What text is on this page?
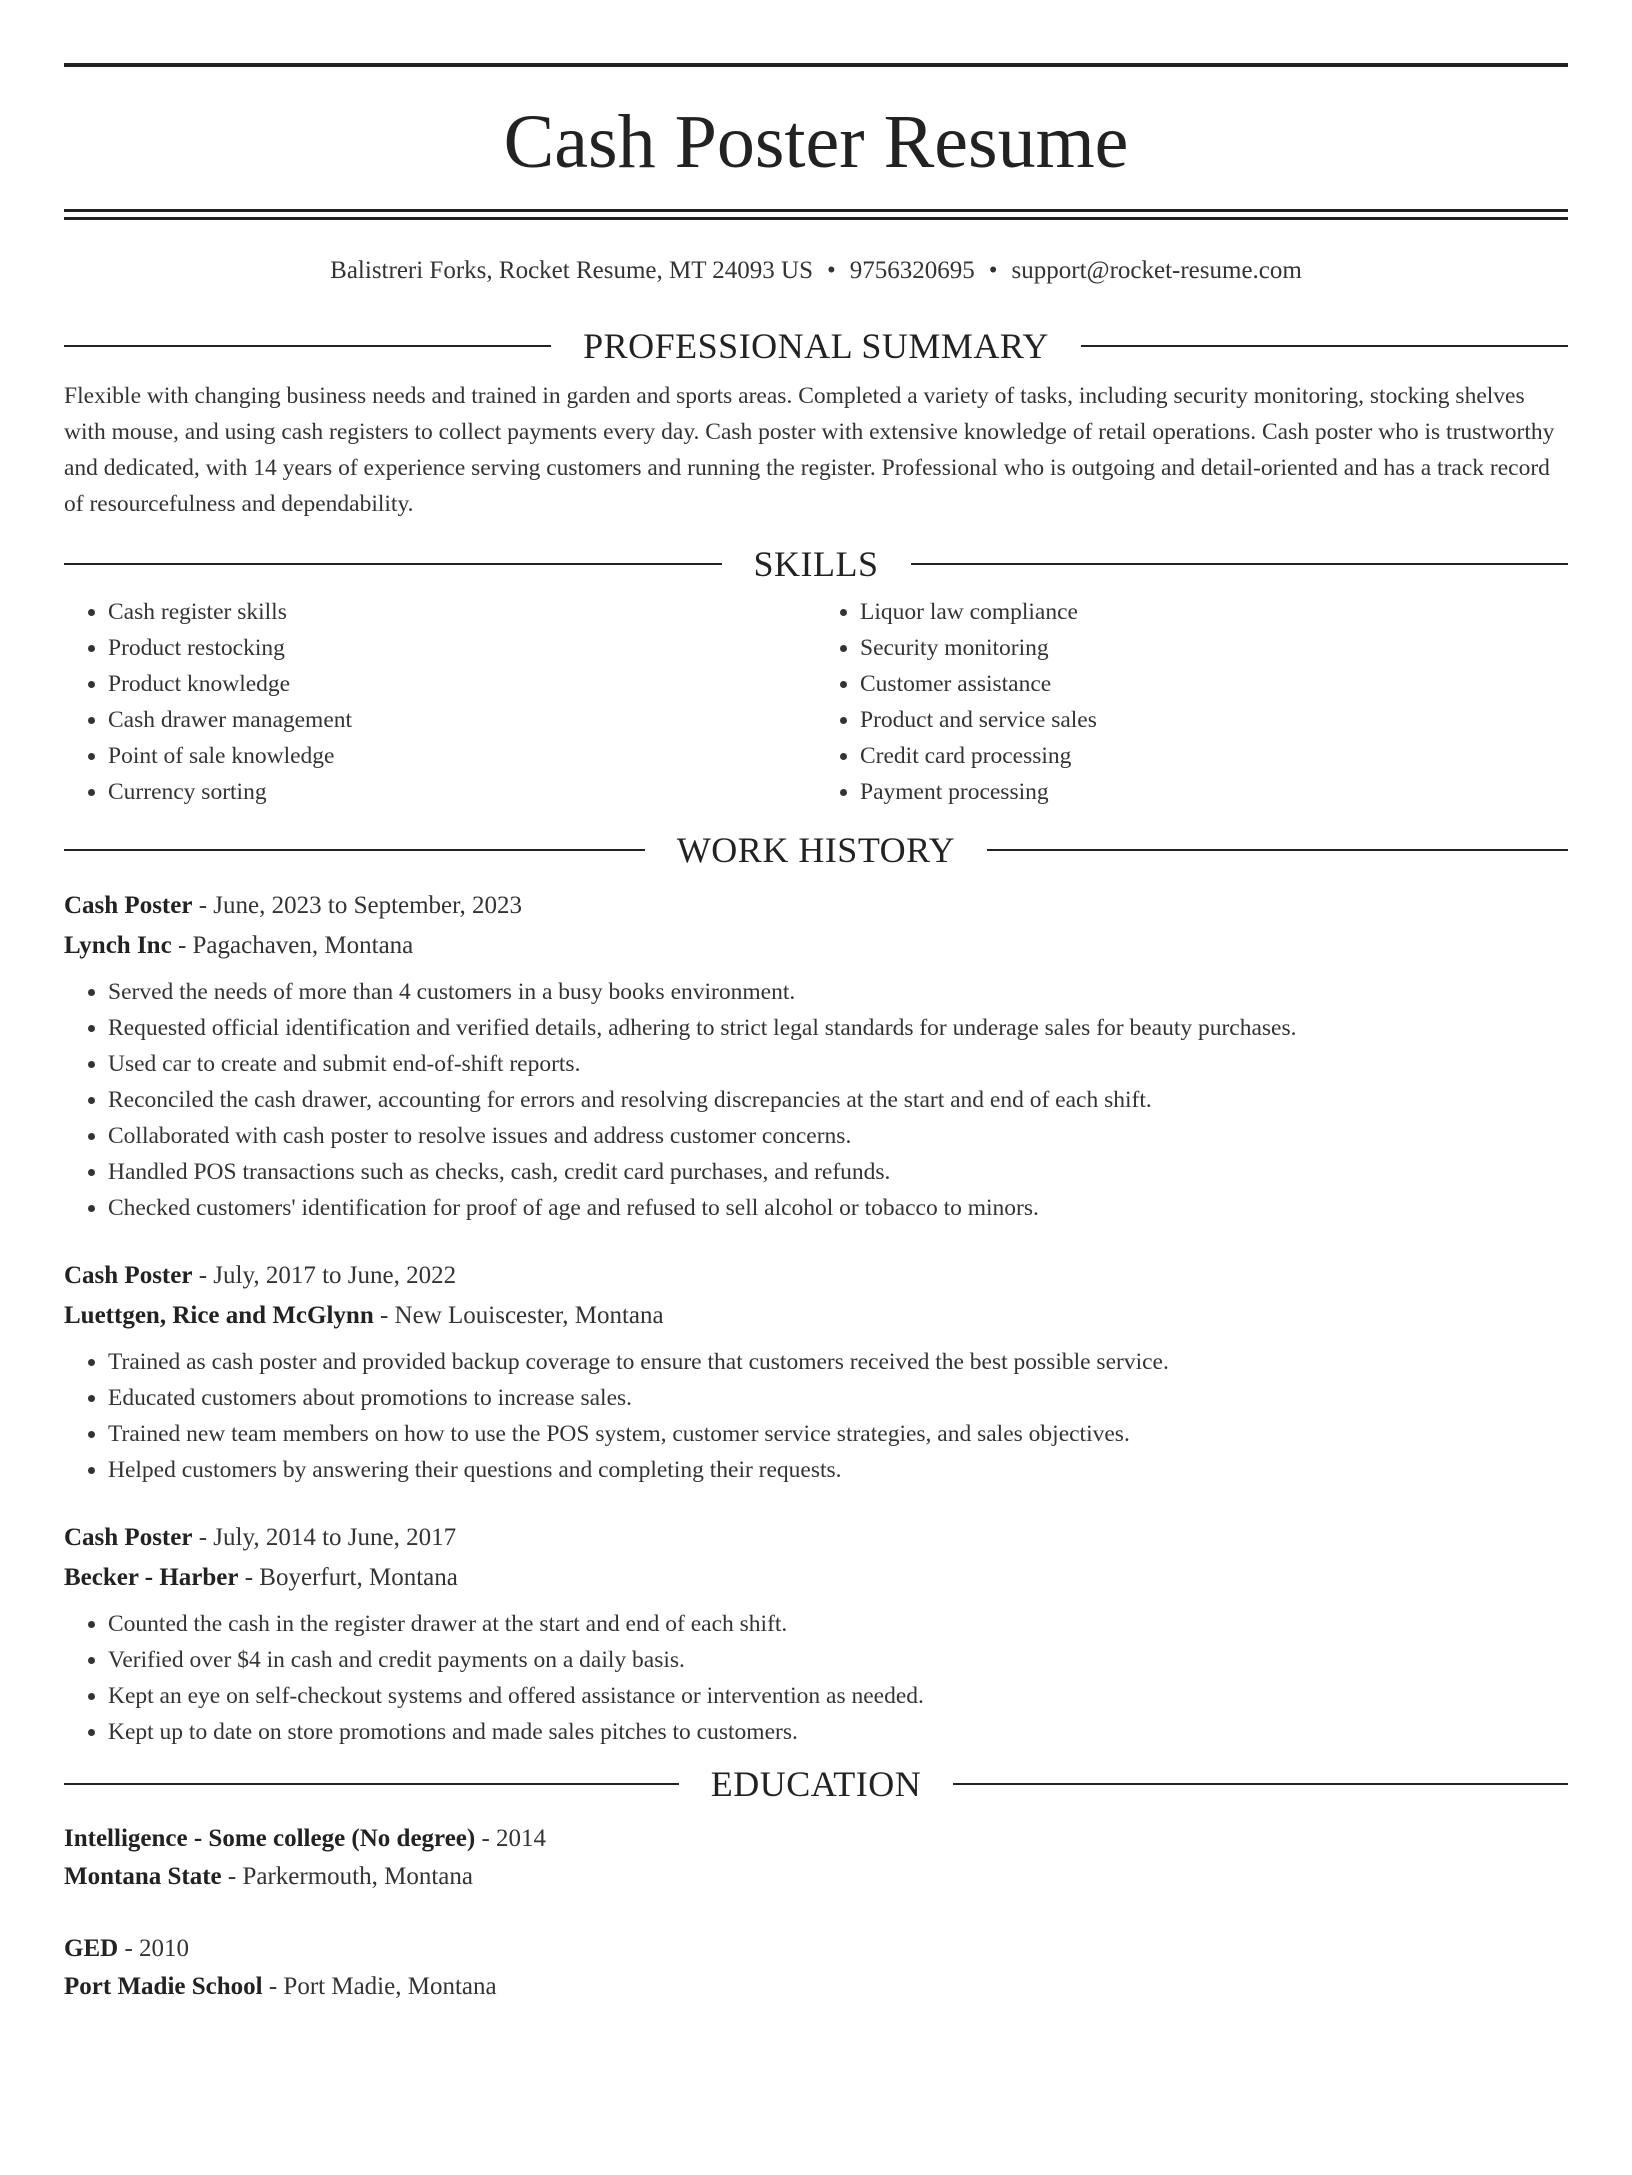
Cash Poster Resume
Balistreri Forks, Rocket Resume, MT 24093 US • 9756320695 • support@rocket-resume.com
PROFESSIONAL SUMMARY
Flexible with changing business needs and trained in garden and sports areas. Completed a variety of tasks, including security monitoring, stocking shelves with mouse, and using cash registers to collect payments every day. Cash poster with extensive knowledge of retail operations. Cash poster who is trustworthy and dedicated, with 14 years of experience serving customers and running the register. Professional who is outgoing and detail-oriented and has a track record of resourcefulness and dependability.
SKILLS
• Cash register skills
• Product restocking
• Product knowledge
• Cash drawer management
• Point of sale knowledge
• Currency sorting
• Liquor law compliance
• Security monitoring
• Customer assistance
• Product and service sales
• Credit card processing
• Payment processing
WORK HISTORY
Cash Poster - June, 2023 to September, 2023
Lynch Inc - Pagachaven, Montana
• Served the needs of more than 4 customers in a busy books environment.
• Requested official identification and verified details, adhering to strict legal standards for underage sales for beauty purchases.
• Used car to create and submit end-of-shift reports.
• Reconciled the cash drawer, accounting for errors and resolving discrepancies at the start and end of each shift.
• Collaborated with cash poster to resolve issues and address customer concerns.
• Handled POS transactions such as checks, cash, credit card purchases, and refunds.
• Checked customers' identification for proof of age and refused to sell alcohol or tobacco to minors.
Cash Poster - July, 2017 to June, 2022
Luettgen, Rice and McGlynn - New Louiscester, Montana
• Trained as cash poster and provided backup coverage to ensure that customers received the best possible service.
• Educated customers about promotions to increase sales.
• Trained new team members on how to use the POS system, customer service strategies, and sales objectives.
• Helped customers by answering their questions and completing their requests.
Cash Poster - July, 2014 to June, 2017
Becker - Harber - Boyerfurt, Montana
• Counted the cash in the register drawer at the start and end of each shift.
• Verified over $4 in cash and credit payments on a daily basis.
• Kept an eye on self-checkout systems and offered assistance or intervention as needed.
• Kept up to date on store promotions and made sales pitches to customers.
EDUCATION
Intelligence - Some college (No degree) - 2014
Montana State - Parkermouth, Montana
GED - 2010
Port Madie School - Port Madie, Montana
